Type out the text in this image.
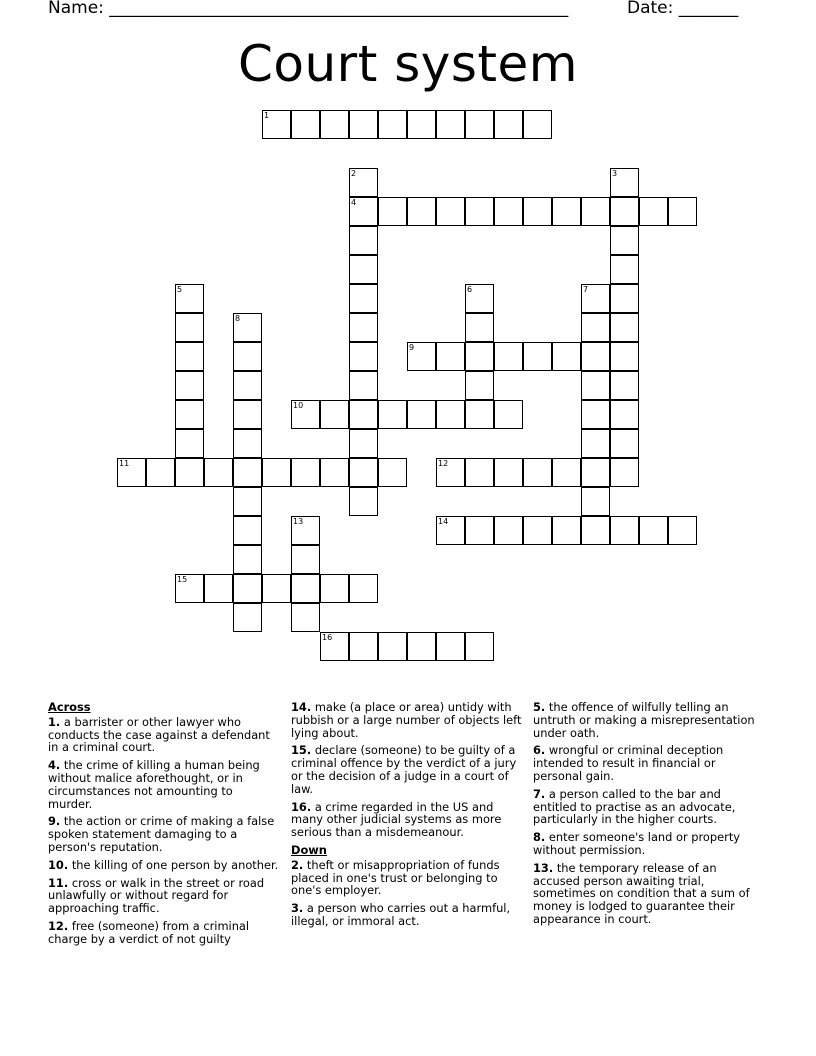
Name: ______________________________________________________	Date: _______
Court system
1
2
4
3
5	6	7
8
9
10
11	12
13	14
15
16
Across
1. a barrister or other lawyer who conducts the case against a defendant in a criminal court.
4. the crime of killing a human being without malice aforethought, or in circumstances not amounting to murder.
9. the action or crime of making a false spoken statement damaging to a person's reputation.
10. the killing of one person by another.
11. cross or walk in the street or road unlawfully or without regard for approaching traffic.
12. free (someone) from a criminal charge by a verdict of not guilty
14. make (a place or area) untidy with rubbish or a large number of objects left lying about.
15. declare (someone) to be guilty of a criminal offence by the verdict of a jury or the decision of a judge in a court of law.
16. a crime regarded in the US and many other judicial systems as more serious than a misdemeanour.
Down
2. theft or misappropriation of funds placed in one's trust or belonging to one's employer.
3. a person who carries out a harmful, illegal, or immoral act.
5. the offence of wilfully telling an untruth or making a misrepresentation under oath.
6. wrongful or criminal deception intended to result in financial or personal gain.
7. a person called to the bar and entitled to practise as an advocate, particularly in the higher courts.
8. enter someone's land or property without permission.
13. the temporary release of an accused person awaiting trial, sometimes on condition that a sum of money is lodged to guarantee their appearance in court.
